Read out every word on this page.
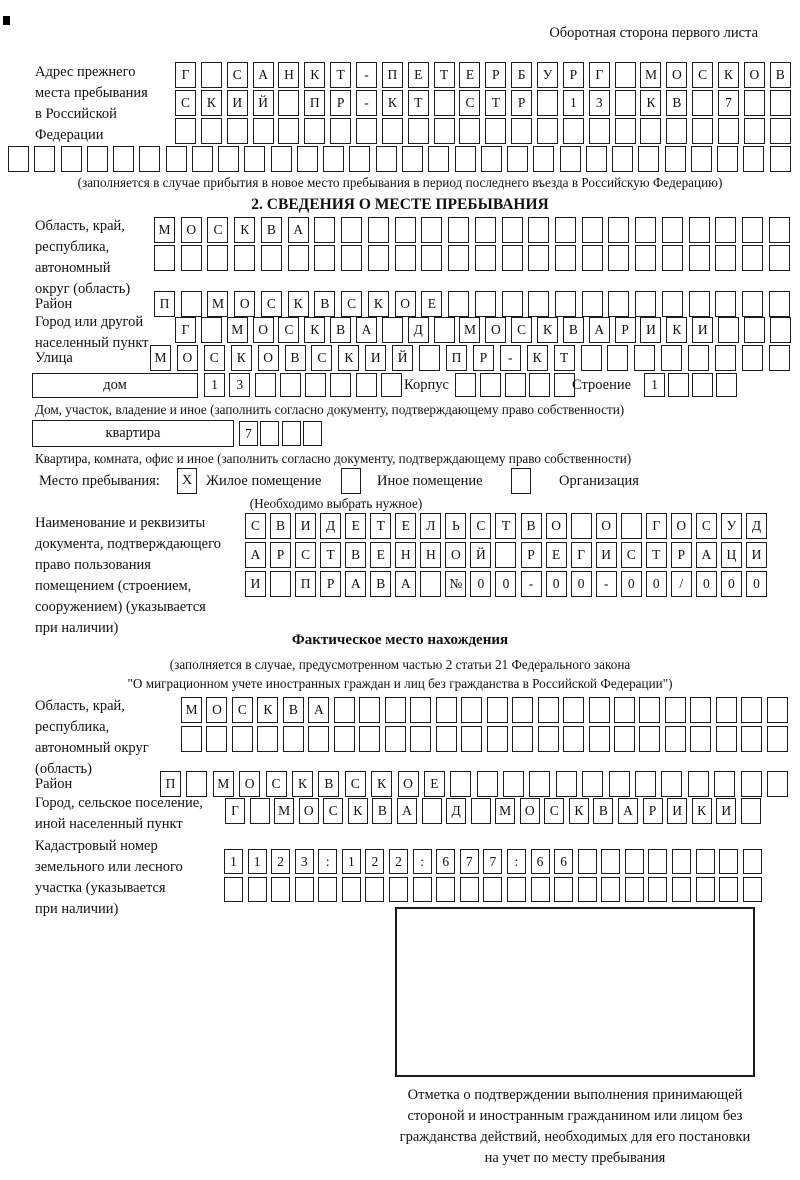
Оборотная сторона первого листа
Адрес прежнего
места пребывания
в Российской
Федерации
Г	С	А	Н	К	Т	-	П	Е	Т	Е	Р	Б	У	Р	Г	М	О	С	К	О	В
С	К	И	Й	П	Р	-	К	Т	С	Т	Р	1	3	К	В	7
(заполняется в случае прибытия в новое место пребывания в период последнего въезда в Российскую Федерацию)
2. СВЕДЕНИЯ О МЕСТЕ ПРЕБЫВАНИЯ
Область, край,
республика,
автономный
округ (область)
М	О	С	К	В	А
Район	П	М	О	С	К	В	С	К	О	Е
Город или другой
населенный пункт
Г	М	О	С	К	В	А	Д	М	О	С	К	В	А	Р	И	К	И
Улица	М	О	С	К	О	В	С	К	И	Й	П	Р	-	К	Т
дом	1	3	Корпус	Строение	1
Дом, участок, владение и иное (заполнить согласно документу, подтверждающему право собственности)
квартира	7
Квартира, комната, офис и иное (заполнить согласно документу, подтверждающему право собственности)
Место пребывания: X Жилое помещение	Иное помещение	Организация
(Необходимо выбрать нужное)
Наименование и реквизиты
документа, подтверждающего
право пользования
помещением (строением,
сооружением) (указывается
при наличии)
С	В	И	Д	Е	Т	Е	Л	Ь	С	Т	В	О	О	Г	О	С	У	Д
А	Р	С	Т	В	Е	Н	Н	О	Й	Р	Е	Г	И	С	Т	Р	А	Ц	И
И	П	Р	А	В	А	№	0	0	-	0	0	-	0	0	/	0	0	0
Фактическое место нахождения
(заполняется в случае, предусмотренном частью 2 статьи 21 Федерального закона
"О миграционном учете иностранных граждан и лиц без гражданства в Российской Федерации")
Область, край,
республика,
автономный округ
(область)
М	О	С	К	В	А
Район	П	М	О	С	К	В	С	К	О	Е
Город, сельское поселение,
иной населенный пункт
Г	М	О	С	К	В	А	Д	М	О	С	К	В	А	Р	И	К	И
Кадастровый номер
земельного или лесного
участка (указывается
при наличии)
1	1	2	3	:	1	2	2	:	6	7	7	:	6	6
Отметка о подтверждении выполнения принимающей
стороной и иностранным гражданином или лицом без
гражданства действий, необходимых для его постановки
на учет по месту пребывания
